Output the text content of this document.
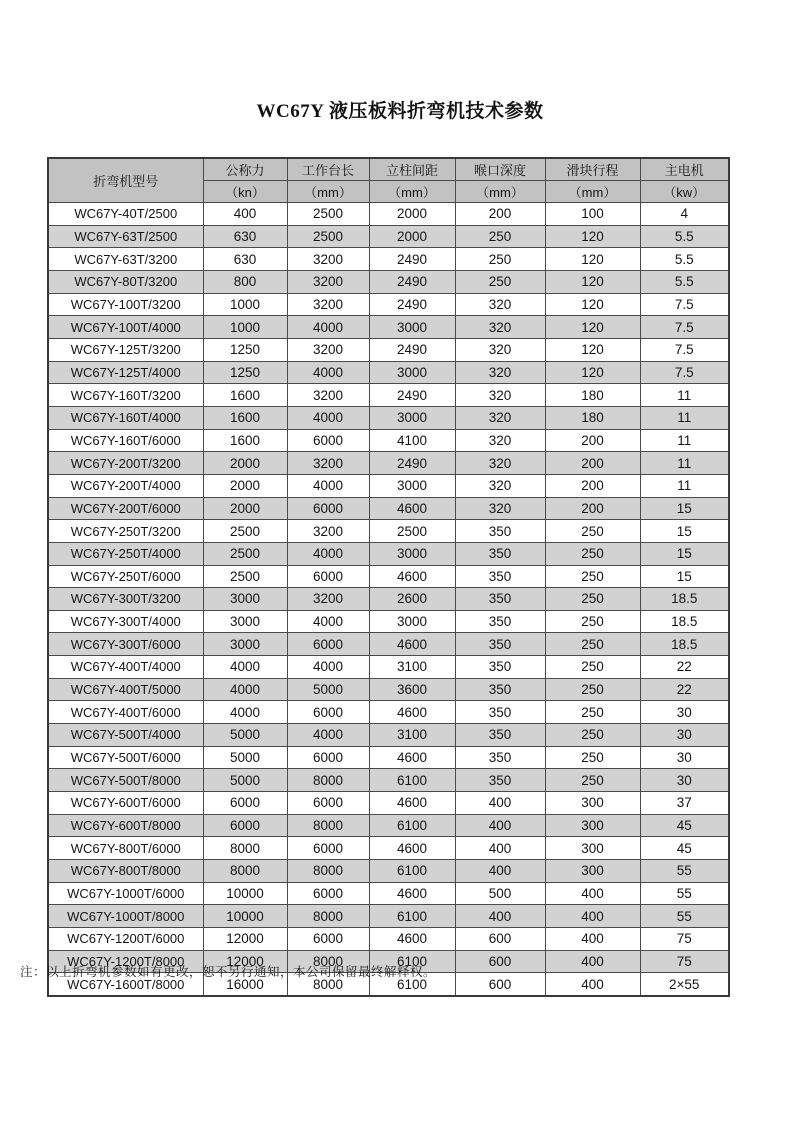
WC67Y 液压板料折弯机技术参数
折弯机型号	公称力	工作台长	立柱间距	喉口深度	滑块行程	主电机
	（kn）	（mm）	（mm）	（mm）	（mm）	（kw）
WC67Y-40T/2500	400	2500	2000	200	100	4
WC67Y-63T/2500	630	2500	2000	250	120	5.5
WC67Y-63T/3200	630	3200	2490	250	120	5.5
WC67Y-80T/3200	800	3200	2490	250	120	5.5
WC67Y-100T/3200	1000	3200	2490	320	120	7.5
WC67Y-100T/4000	1000	4000	3000	320	120	7.5
WC67Y-125T/3200	1250	3200	2490	320	120	7.5
WC67Y-125T/4000	1250	4000	3000	320	120	7.5
WC67Y-160T/3200	1600	3200	2490	320	180	11
WC67Y-160T/4000	1600	4000	3000	320	180	11
WC67Y-160T/6000	1600	6000	4100	320	200	11
WC67Y-200T/3200	2000	3200	2490	320	200	11
WC67Y-200T/4000	2000	4000	3000	320	200	11
WC67Y-200T/6000	2000	6000	4600	320	200	15
WC67Y-250T/3200	2500	3200	2500	350	250	15
WC67Y-250T/4000	2500	4000	3000	350	250	15
WC67Y-250T/6000	2500	6000	4600	350	250	15
WC67Y-300T/3200	3000	3200	2600	350	250	18.5
WC67Y-300T/4000	3000	4000	3000	350	250	18.5
WC67Y-300T/6000	3000	6000	4600	350	250	18.5
WC67Y-400T/4000	4000	4000	3100	350	250	22
WC67Y-400T/5000	4000	5000	3600	350	250	22
WC67Y-400T/6000	4000	6000	4600	350	250	30
WC67Y-500T/4000	5000	4000	3100	350	250	30
WC67Y-500T/6000	5000	6000	4600	350	250	30
WC67Y-500T/8000	5000	8000	6100	350	250	30
WC67Y-600T/6000	6000	6000	4600	400	300	37
WC67Y-600T/8000	6000	8000	6100	400	300	45
WC67Y-800T/6000	8000	6000	4600	400	300	45
WC67Y-800T/8000	8000	8000	6100	400	300	55
WC67Y-1000T/6000	10000	6000	4600	500	400	55
WC67Y-1000T/8000	10000	8000	6100	400	400	55
WC67Y-1200T/6000	12000	6000	4600	600	400	75
WC67Y-1200T/8000	12000	8000	6100	600	400	75
WC67Y-1600T/8000	16000	8000	6100	600	400	2×55
注：以上折弯机参数如有更改，恕不另行通知，本公司保留最终解释权。
